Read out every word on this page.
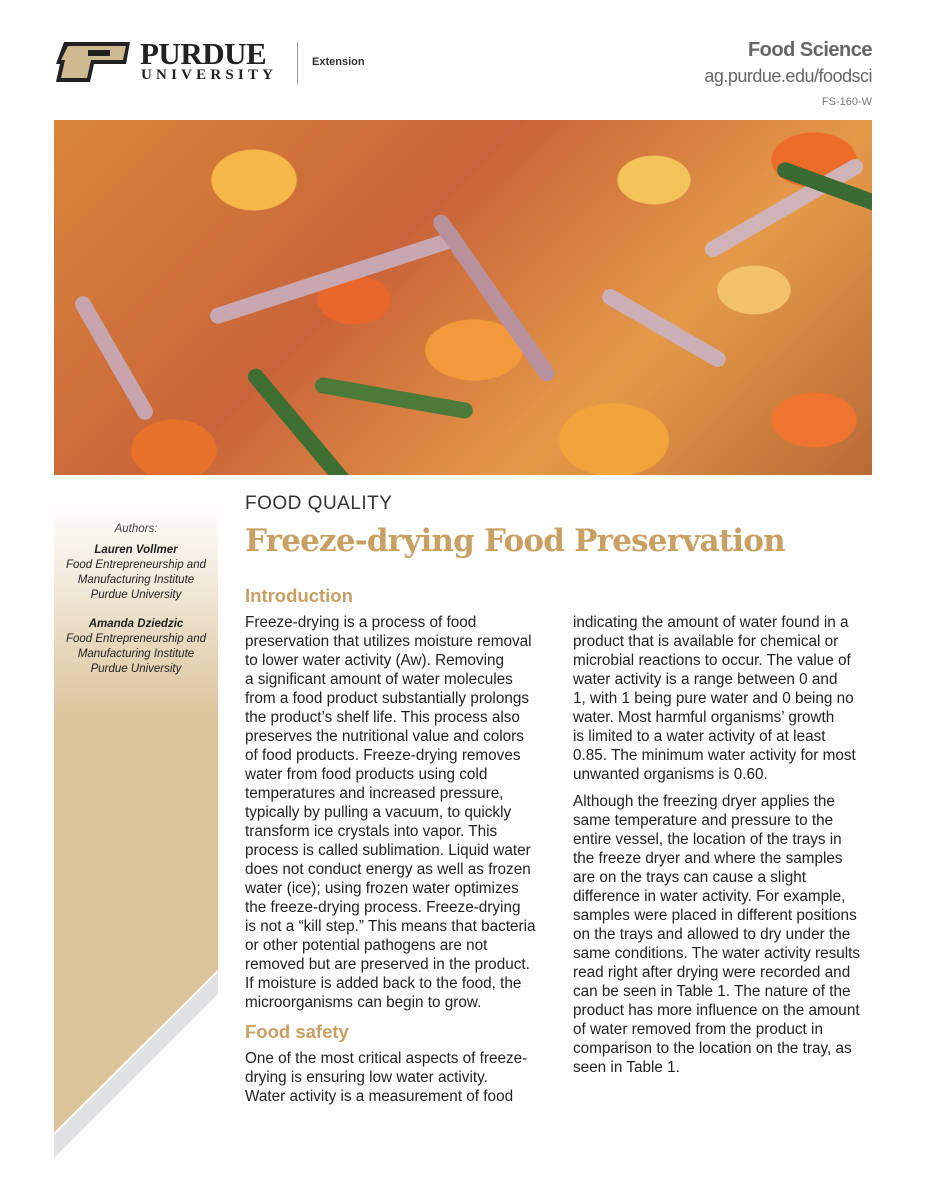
PURDUE
UNIVERSITY
Extension
Food Science
ag.purdue.edu/foodsci
FS-160-W
Authors:
Lauren Vollmer
Food Entrepreneurship and
Manufacturing Institute
Purdue University
Amanda Dziedzic
Food Entrepreneurship and
Manufacturing Institute
Purdue University
FOOD QUALITY
Freeze-drying Food Preservation
Introduction
Freeze-drying is a process of food
preservation that utilizes moisture removal
to lower water activity (Aw). Removing
a significant amount of water molecules
from a food product substantially prolongs
the product’s shelf life. This process also
preserves the nutritional value and colors
of food products. Freeze-drying removes
water from food products using cold
temperatures and increased pressure,
typically by pulling a vacuum, to quickly
transform ice crystals into vapor. This
process is called sublimation. Liquid water
does not conduct energy as well as frozen
water (ice); using frozen water optimizes
the freeze-drying process. Freeze-drying
is not a “kill step.” This means that bacteria
or other potential pathogens are not
removed but are preserved in the product.
If moisture is added back to the food, the
microorganisms can begin to grow.
Food safety
One of the most critical aspects of freeze-
drying is ensuring low water activity.
Water activity is a measurement of food
indicating the amount of water found in a
product that is available for chemical or
microbial reactions to occur. The value of
water activity is a range between 0 and
1, with 1 being pure water and 0 being no
water. Most harmful organisms’ growth
is limited to a water activity of at least
0.85. The minimum water activity for most
unwanted organisms is 0.60.
Although the freezing dryer applies the
same temperature and pressure to the
entire vessel, the location of the trays in
the freeze dryer and where the samples
are on the trays can cause a slight
difference in water activity. For example,
samples were placed in different positions
on the trays and allowed to dry under the
same conditions. The water activity results
read right after drying were recorded and
can be seen in Table 1. The nature of the
product has more influence on the amount
of water removed from the product in
comparison to the location on the tray, as
seen in Table 1.
